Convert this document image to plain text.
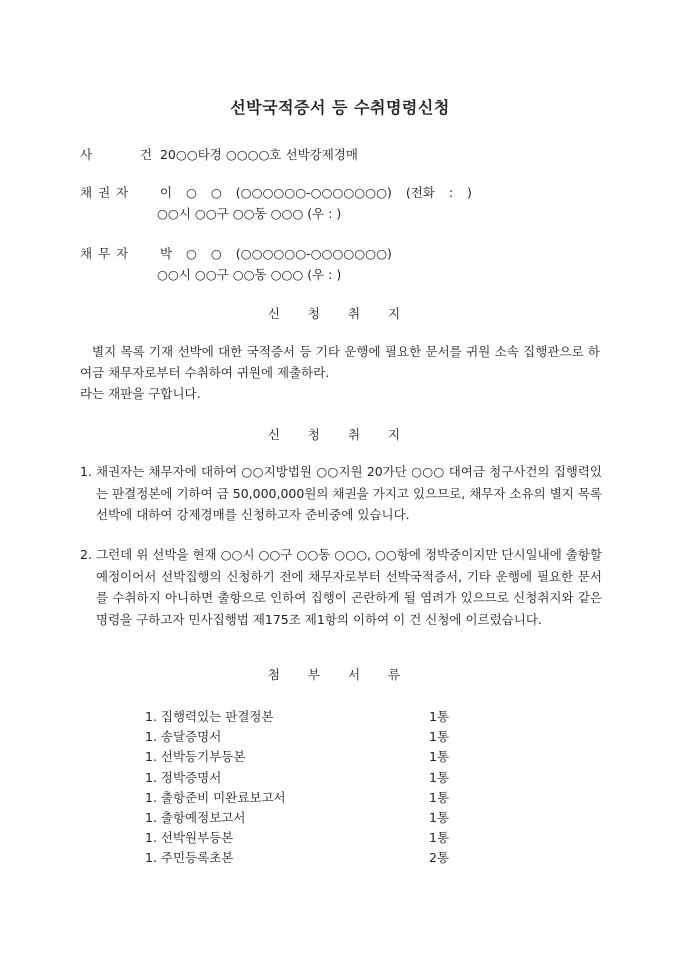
선박국적증서 등 수취명령신청
사 건 20○○타경 ○○○○호 선박강제경매
채권자 이 ○ ○ (○○○○○○-○○○○○○○) (전화 : )
○○시 ○○구 ○○동 ○○○ (우 : )
채무자 박 ○ ○ (○○○○○○-○○○○○○○)
○○시 ○○구 ○○동 ○○○ (우 : )
신 청 취 지

별지 목록 기재 선박에 대한 국적증서 등 기타 운행에 필요한 문서를 귀원 소속 집행관으로 하여금 채무자로부터 수취하여 귀원에 제출하라.

라는 재판을 구합니다.
신 청 취 지
1. 채권자는 채무자에 대하여 ○○지방법원 ○○지원 20가단 ○○○ 대여금 청구사건의 집행력있는 판결정본에 기하여 금 50,000,000원의 채권을 가지고 있으므로, 채무자 소유의 별지 목록 선박에 대하여 강제경매를 신청하고자 준비중에 있습니다.
2. 그런데 위 선박을 현재 ○○시 ○○구 ○○동 ○○○, ○○항에 정박중이지만 단시일내에 출항할 예정이어서 선박집행의 신청하기 전에 채무자로부터 선박국적증서, 기타 운행에 필요한 문서를 수취하지 아니하면 출항으로 인하여 집행이 곤란하게 될 염려가 있으므로 신청취지와 같은 명령을 구하고자 민사집행법 제175조 제1항의 이하여 이 건 신청에 이르렀습니다.
첨 부 서 류
1. 집행력있는 판결정본	1통
1. 송달증명서	1통
1. 선박등기부등본	1통
1. 정박증명서	1통
1. 출항준비 미완료보고서	1통
1. 출항예정보고서	1통
1. 선박원부등본	1통
1. 주민등록초본	2통
